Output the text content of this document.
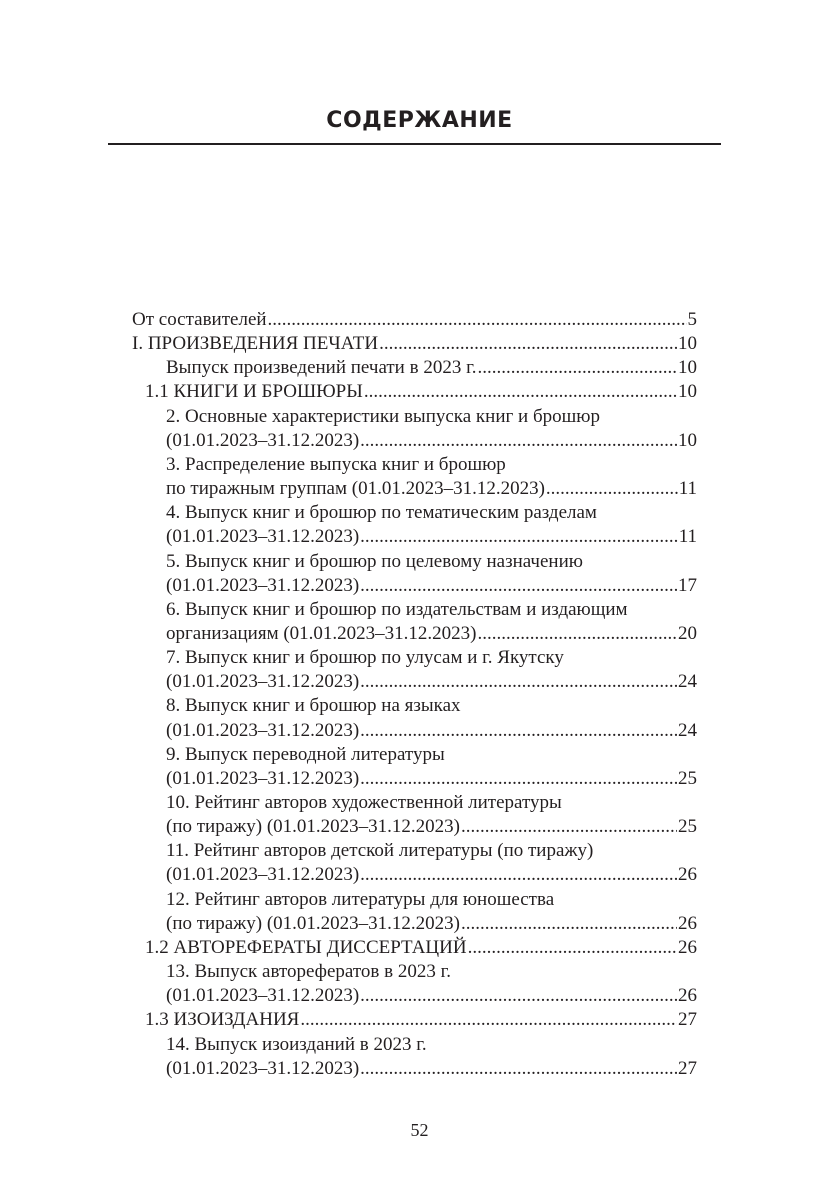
СОДЕРЖАНИЕ
От составителей .....	5
I. ПРОИЗВЕДЕНИЯ ПЕЧАТИ .....	10
Выпуск произведений печати в 2023 г. .....	10
1.1 КНИГИ И БРОШЮРЫ .....	10
2. Основные характеристики выпуска книг и брошюр
(01.01.2023–31.12.2023) .....	10
3. Распределение выпуска книг и брошюр
по тиражным группам (01.01.2023–31.12.2023) .....	11
4. Выпуск книг и брошюр по тематическим разделам
(01.01.2023–31.12.2023) .....	11
5. Выпуск книг и брошюр по целевому назначению
(01.01.2023–31.12.2023) .....	17
6. Выпуск книг и брошюр по издательствам и издающим
организациям (01.01.2023–31.12.2023) .....	20
7. Выпуск книг и брошюр по улусам и г. Якутску
(01.01.2023–31.12.2023) .....	24
8. Выпуск книг и брошюр на языках
(01.01.2023–31.12.2023) .....	24
9. Выпуск переводной литературы
(01.01.2023–31.12.2023) .....	25
10. Рейтинг авторов художественной литературы
(по тиражу) (01.01.2023–31.12.2023) .....	25
11. Рейтинг авторов детской литературы (по тиражу)
(01.01.2023–31.12.2023) .....	26
12. Рейтинг авторов литературы для юношества
(по тиражу) (01.01.2023–31.12.2023) .....	26
1.2 АВТОРЕФЕРАТЫ ДИССЕРТАЦИЙ .....	26
13. Выпуск авторефератов в 2023 г.
(01.01.2023–31.12.2023) .....	26
1.3 ИЗОИЗДАНИЯ .....	27
14. Выпуск изоизданий в 2023 г.
(01.01.2023–31.12.2023) .....	27
52
